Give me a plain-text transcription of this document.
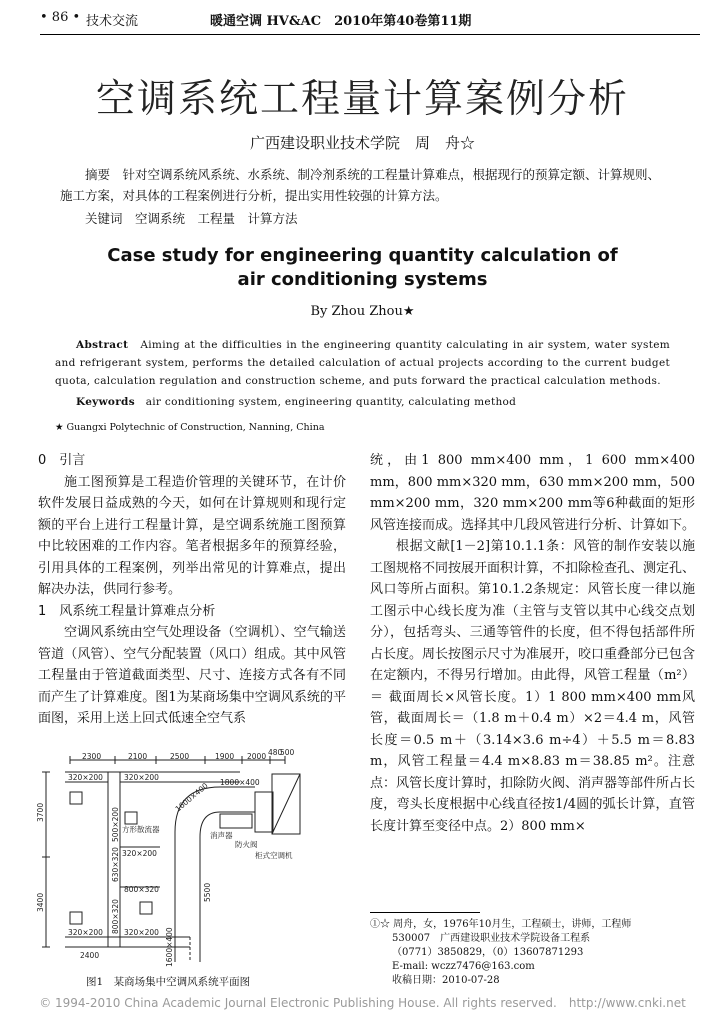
• 86 • 技术交流	暖通空调 HV&AC　2010年第40卷第11期
空调系统工程量计算案例分析
广西建设职业技术学院　周　舟☆
摘要　 针对空调系统风系统、水系统、制冷剂系统的工程量计算难点，根据现行的预算定额、计算规则、施工方案，对具体的工程案例进行分析，提出实用性较强的计算方法。
关键词　 空调系统　工程量　计算方法
Case study for engineering quantity calculation of
air conditioning systems
By Zhou Zhou★
Abstract　 Aiming at the difficulties in the engineering quantity calculating in air system, water system and refrigerant system, performs the detailed calculation of actual projects according to the current budget quota, calculation regulation and construction scheme, and puts forward the practical calculation methods.
Keywords　 air conditioning system, engineering quantity, calculating method
★ Guangxi Polytechnic of Construction, Nanning, China

0　引言

施工图预算是工程造价管理的关键环节，在计价软件发展日益成熟的今天，如何在计算规则和现行定额的平台上进行工程量计算，是空调系统施工图预算中比较困难的工作内容。笔者根据多年的预算经验，引用具体的工程案例，列举出常见的计算难点，提出解决办法，供同行参考。

1　风系统工程量计算难点分析

空调风系统由空气处理设备（空调机）、空气输送管道（风管）、空气分配装置（风口）组成。其中风管工程量由于管道截面类型、尺寸、连接方式各有不同而产生了计算难度。图1为某商场集中空调风系统的平面图，采用上送上回式低速全空气系

2300	2100	2500	1900 2000 480
500
3700
3400
320×200	320×200
500×200 方形散流器
320×200
630×320
800×320
800×320
320×200	320×200
1800×400
1600×400
1600×400
消声器
防火阀
柜式空调机
5500
2400
图1　某商场集中空调风系统平面图

统，由1 800 mm×400 mm，1 600 mm×400 mm，800 mm×320 mm，630 mm×200 mm，500 mm×200 mm，320 mm×200 mm等6种截面的矩形风管连接而成。选择其中几段风管进行分析、计算如下。

根据文献[1－2]第10.1.1条：风管的制作安装以施工图规格不同按展开面积计算，不扣除检查孔、测定孔、风口等所占面积。第10.1.2条规定：风管长度一律以施工图示中心线长度为准（主管与支管以其中心线交点划分），包括弯头、三通等管件的长度，但不得包括部件所占长度。周长按图示尺寸为准展开，咬口重叠部分已包含在定额内，不得另行增加。由此得，风管工程量（m²）＝ 截面周长×风管长度。1）1 800 mm×400 mm风管，截面周长＝（1.8 m＋0.4 m）×2＝4.4 m，风管长度＝0.5 m＋（3.14×3.6 m÷4）＋5.5 m＝8.83 m，风管工程量＝4.4 m×8.83 m＝38.85 m²。注意点：风管长度计算时，扣除防火阀、消声器等部件所占长度，弯头长度根据中心线直径按1/4圆的弧长计算，直管长度计算至变径中点。2）800 mm×

①☆ 周舟，女，1976年10月生，工程硕士，讲师，工程师
530007　广西建设职业技术学院设备工程系
（0771）3850829，（0）13607871293
E-mail: wczz7476@163.com
收稿日期：2010-07-28
© 1994-2010 China Academic Journal Electronic Publishing House. All rights reserved.　http://www.cnki.net
